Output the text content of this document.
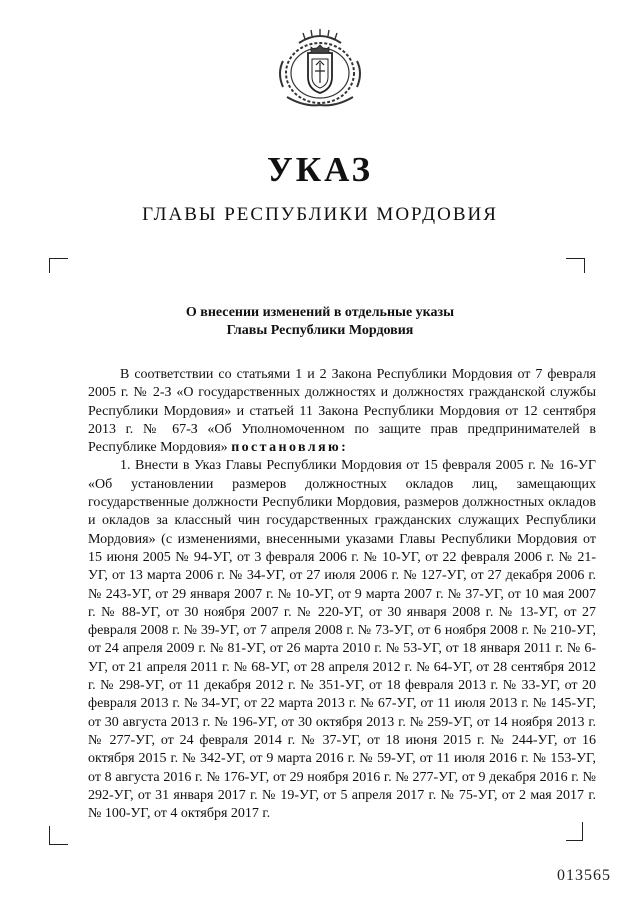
УКАЗ
ГЛАВЫ РЕСПУБЛИКИ МОРДОВИЯ
О внесении изменений в отдельные указы
Главы Республики Мордовия

В соответствии со статьями 1 и 2 Закона Республики Мордовия от 7 февраля 2005 г. № 2-З «О государственных должностях и должностях гражданской службы Республики Мордовия» и статьей 11 Закона Республики Мордовия от 12 сентября 2013 г. № 67-З «Об Уполномоченном по защите прав предпринимателей в Республике Мордовия» постановляю:

1. Внести в Указ Главы Республики Мордовия от 15 февраля 2005 г. № 16-УГ «Об установлении размеров должностных окладов лиц, замещающих государственные должности Республики Мордовия, размеров должностных окладов и окладов за классный чин государственных гражданских служащих Республики Мордовия» (с изменениями, внесенными указами Главы Республики Мордовия от 15 июня 2005 № 94-УГ, от 3 февраля 2006 г. № 10-УГ, от 22 февраля 2006 г. № 21-УГ, от 13 марта 2006 г. № 34-УГ, от 27 июля 2006 г. № 127-УГ, от 27 декабря 2006 г. № 243-УГ, от 29 января 2007 г. № 10-УГ, от 9 марта 2007 г. № 37-УГ, от 10 мая 2007 г. № 88-УГ, от 30 ноября 2007 г. № 220-УГ, от 30 января 2008 г. № 13-УГ, от 27 февраля 2008 г. № 39-УГ, от 7 апреля 2008 г. № 73-УГ, от 6 ноября 2008 г. № 210-УГ, от 24 апреля 2009 г. № 81-УГ, от 26 марта 2010 г. № 53-УГ, от 18 января 2011 г. № 6-УГ, от 21 апреля 2011 г. № 68-УГ, от 28 апреля 2012 г. № 64-УГ, от 28 сентября 2012 г. № 298-УГ, от 11 декабря 2012 г. № 351-УГ, от 18 февраля 2013 г. № 33-УГ, от 20 февраля 2013 г. № 34-УГ, от 22 марта 2013 г. № 67-УГ, от 11 июля 2013 г. № 145-УГ, от 30 августа 2013 г. № 196-УГ, от 30 октября 2013 г. № 259-УГ, от 14 ноября 2013 г. № 277-УГ, от 24 февраля 2014 г. № 37-УГ, от 18 июня 2015 г. № 244-УГ, от 16 октября 2015 г. № 342-УГ, от 9 марта 2016 г. № 59-УГ, от 11 июля 2016 г. № 153-УГ, от 8 августа 2016 г. № 176-УГ, от 29 ноября 2016 г. № 277-УГ, от 9 декабря 2016 г. № 292-УГ, от 31 января 2017 г. № 19-УГ, от 5 апреля 2017 г. № 75-УГ, от 2 мая 2017 г. № 100-УГ, от 4 октября 2017 г.

013565
